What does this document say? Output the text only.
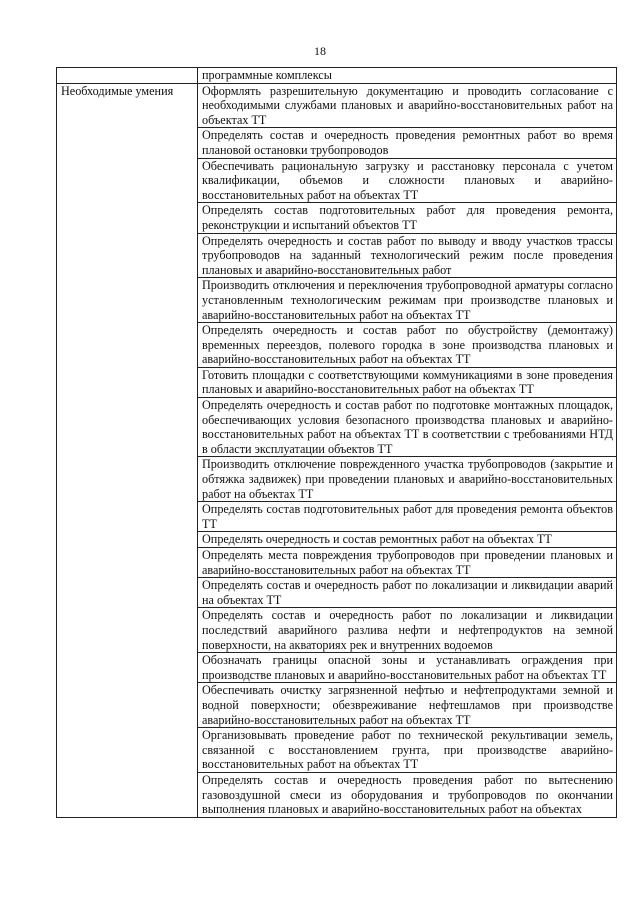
18
	программные комплексы
Необходимые умения	Оформлять разрешительную документацию и проводить согласование с необходимыми службами плановых и аварийно-восстановительных работ на объектах ТТ
	Определять состав и очередность проведения ремонтных работ во время плановой остановки трубопроводов
	Обеспечивать рациональную загрузку и расстановку персонала с учетом квалификации, объемов и сложности плановых и аварийно-восстановительных работ на объектах ТТ
	Определять состав подготовительных работ для проведения ремонта, реконструкции и испытаний объектов ТТ
	Определять очередность и состав работ по выводу и вводу участков трассы трубопроводов на заданный технологический режим после проведения плановых и аварийно-восстановительных работ
	Производить отключения и переключения трубопроводной арматуры согласно установленным технологическим режимам при производстве плановых и аварийно-восстановительных работ на объектах ТТ
	Определять очередность и состав работ по обустройству (демонтажу) временных переездов, полевого городка в зоне производства плановых и аварийно-восстановительных работ на объектах ТТ
	Готовить площадки с соответствующими коммуникациями в зоне проведения плановых и аварийно-восстановительных работ на объектах ТТ
	Определять очередность и состав работ по подготовке монтажных площадок, обеспечивающих условия безопасного производства плановых и аварийно-восстановительных работ на объектах ТТ в соответствии с требованиями НТД в области эксплуатации объектов ТТ
	Производить отключение поврежденного участка трубопроводов (закрытие и обтяжка задвижек) при проведении плановых и аварийно-восстановительных работ на объектах ТТ
	Определять состав подготовительных работ для проведения ремонта объектов ТТ
	Определять очередность и состав ремонтных работ на объектах ТТ
	Определять места повреждения трубопроводов при проведении плановых и аварийно-восстановительных работ на объектах ТТ
	Определять состав и очередность работ по локализации и ликвидации аварий на объектах ТТ
	Определять состав и очередность работ по локализации и ликвидации последствий аварийного разлива нефти и нефтепродуктов на земной поверхности, на акваториях рек и внутренних водоемов
	Обозначать границы опасной зоны и устанавливать ограждения при производстве плановых и аварийно-восстановительных работ на объектах ТТ
	Обеспечивать очистку загрязненной нефтью и нефтепродуктами земной и водной поверхности; обезвреживание нефтешламов при производстве аварийно-восстановительных работ на объектах ТТ
	Организовывать проведение работ по технической рекультивации земель, связанной с восстановлением грунта, при производстве аварийно-восстановительных работ на объектах ТТ
	Определять состав и очередность проведения работ по вытеснению газовоздушной смеси из оборудования и трубопроводов по окончании выполнения плановых и аварийно-восстановительных работ на объектах
